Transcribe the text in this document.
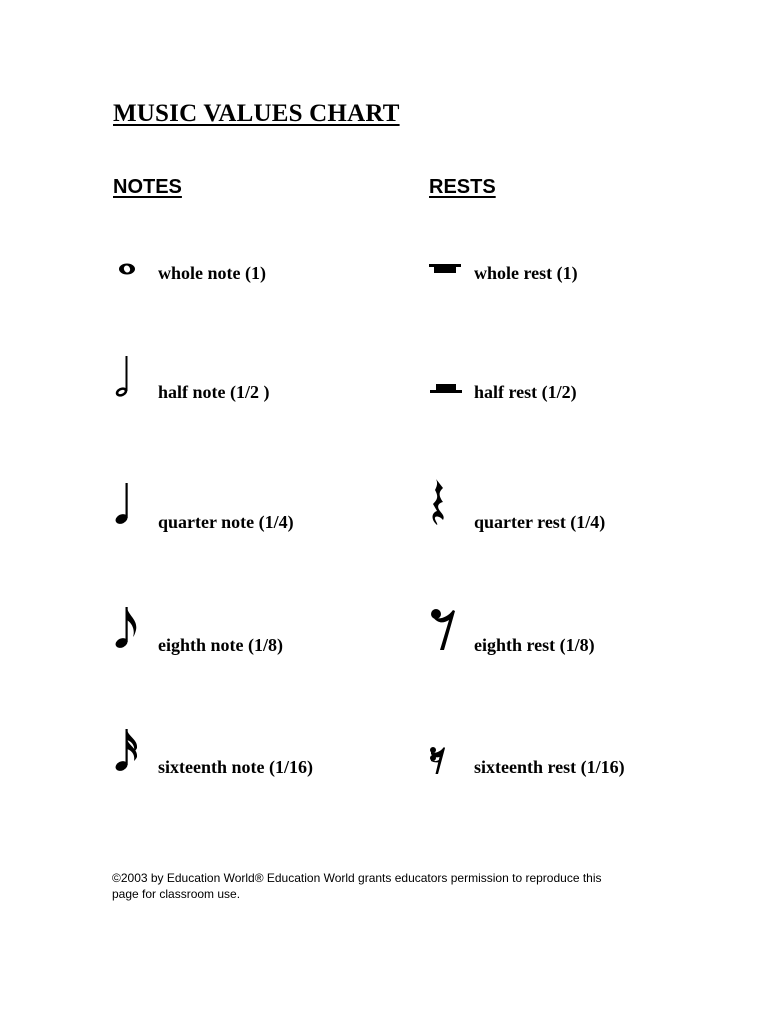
MUSIC VALUES CHART
NOTES	RESTS
whole note (1)
half note (1/2 )
quarter note (1/4)
eighth note (1/8)
sixteenth note (1/16)
whole rest (1)
half rest (1/2)
quarter rest (1/4)
eighth rest (1/8)
sixteenth rest (1/16)
©2003 by Education World® Education World grants educators permission to reproduce this
page for classroom use.
